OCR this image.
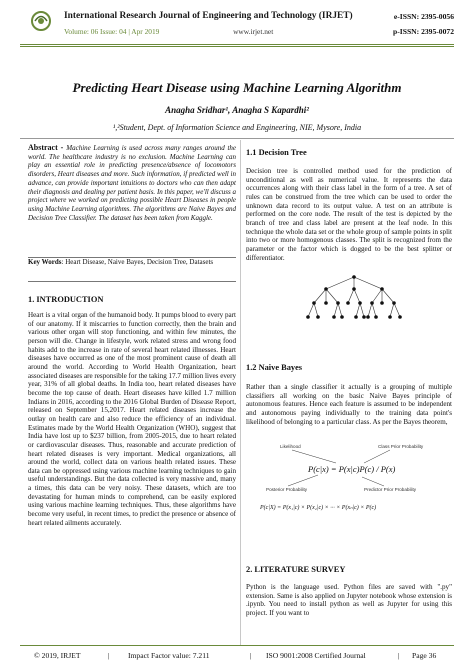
International Research Journal of Engineering and Technology (IRJET)
Volume: 06 Issue: 04 | Apr 2019	www.irjet.net
e-ISSN: 2395-0056
p-ISSN: 2395-0072
Predicting Heart Disease using Machine Learning Algorithm
Anagha Sridhar¹, Anagha S Kapardhi²
¹,²Student, Dept. of Information Science and Engineering, NIE, Mysore, India
Abstract - Machine Learning is used across many ranges around the world. The healthcare industry is no exclusion. Machine Learning can play an essential role in predicting presence/absence of locomotors disorders, Heart diseases and more. Such information, if predicted well in advance, can provide important intuitions to doctors who can then adapt their diagnosis and dealing per patient basis. In this paper, we'll discuss a project where we worked on predicting possible Heart Diseases in people using Machine Learning algorithms. The algorithms are Naive Bayes and Decision Tree Classifier. The dataset has been taken from Kaggle.
Key Words: Heart Disease, Naive Bayes, Decision Tree, Datasets
1. INTRODUCTION
Heart is a vital organ of the humanoid body. It pumps blood to every part of our anatomy. If it miscarries to function correctly, then the brain and various other organ will stop functioning, and within few minutes, the person will die. Change in lifestyle, work related stress and wrong food habits add to the increase in rate of several heart related illnesses. Heart diseases have occurred as one of the most prominent cause of death all around the world. According to World Health Organization, heart associated diseases are responsible for the taking 17.7 million lives every year, 31% of all global deaths. In India too, heart related diseases have become the top cause of death. Heart diseases have killed 1.7 million Indians in 2016, according to the 2016 Global Burden of Disease Report, released on September 15,2017. Heart related diseases increase the outlay on health care and also reduce the efficiency of an individual. Estimates made by the World Health Organization (WHO), suggest that India have lost up to $237 billion, from 2005-2015, due to heart related or cardiovascular diseases. Thus, reasonable and accurate prediction of heart related diseases is very important. Medical organizations, all around the world, collect data on various health related issues. These data can be oppressed using various machine learning techniques to gain useful understandings. But the data collected is very massive and, many a times, this data can be very noisy. These datasets, which are too devastating for human minds to comprehend, can be easily explored using various machine learning techniques. Thus, these algorithms have become very useful, in recent times, to predict the presence or absence of heart related ailments accurately.
1.1 Decision Tree
Decision tree is controlled method used for the prediction of unconditional as well as numerical value. It represents the data occurrences along with their class label in the form of a tree. A set of rules can be construed from the tree which can be used to order the unknown data record to its output value. A test on an attribute is performed on the core node. The result of the test is depicted by the branch of tree and class label are present at the leaf node. In this technique the whole data set or the whole group of sample points in split into two or more homogenous classes. The split is recognized from the parameter or the factor which is dogged to be the best splitter or differentiator.
1.2 Naive Bayes
Rather than a single classifier it actually is a grouping of multiple classifiers all working on the basic Naive Bayes principle of autonomous features. Hence each feature is assumed to be independent and autonomous paying individually to the training data point's likelihood of belonging to a particular class. As per the Bayes theorem,
Likelihood	Class Prior Probability
P(c|x) = P(x|c)P(c) / P(x)
Posterior Probability	Predictor Prior Probability
P(c|X) = P(x₁|c) × P(x₂|c) × ··· × P(xₙ|c) × P(c)
2. LITERATURE SURVEY
Python is the language used. Python files are saved with ".py" extension. Same is also applied on Jupyter notebook whose extension is .ipynb. You need to install python as well as Jupyter for using this project. If you want to
© 2019, IRJET	| Impact Factor value: 7.211	| ISO 9001:2008 Certified Journal	| Page 36
